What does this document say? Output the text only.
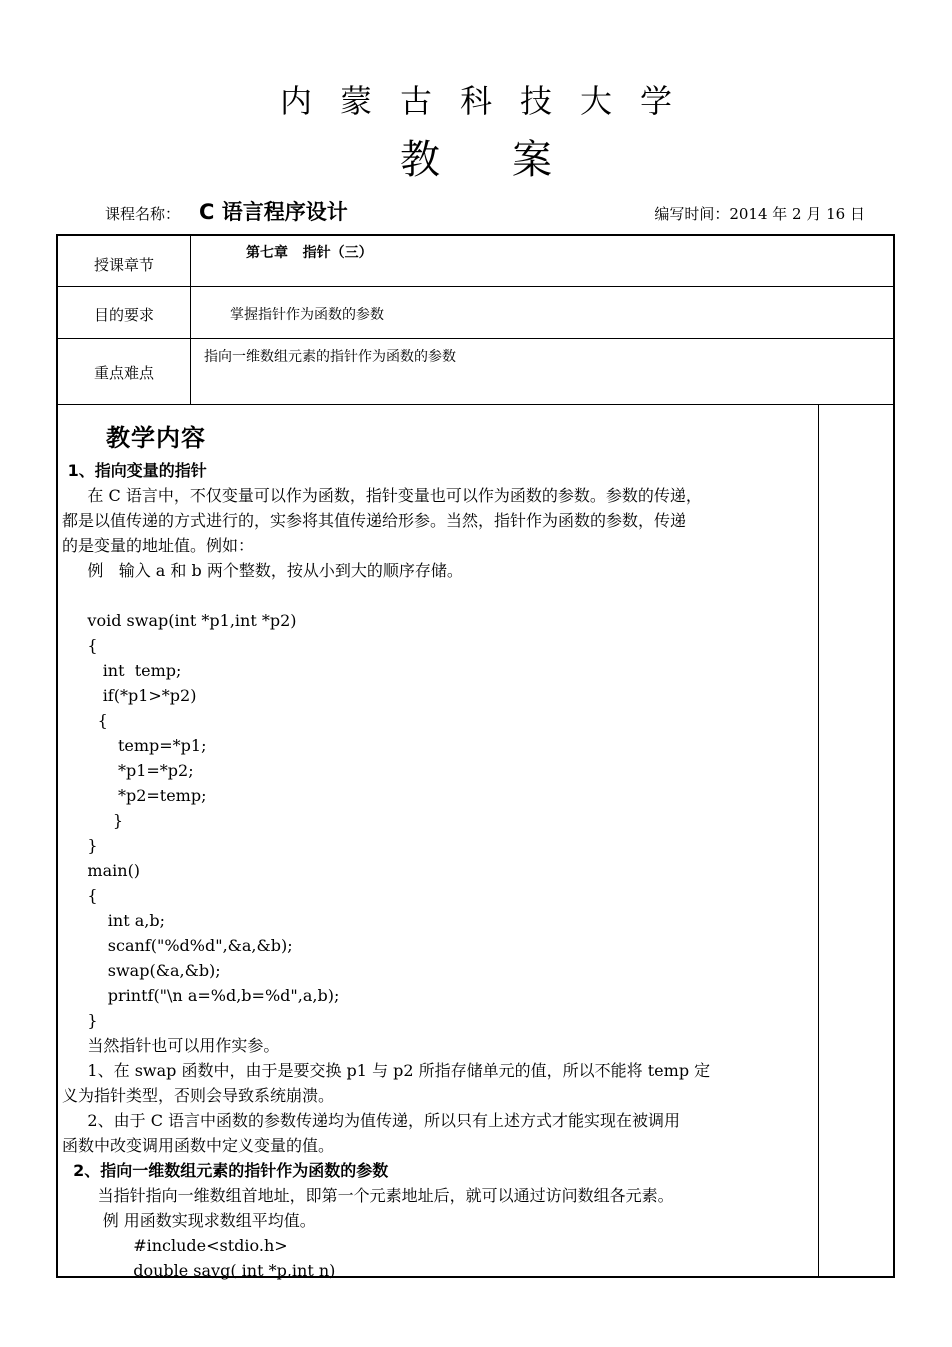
内蒙古科技大学
教案
课程名称： C 语言程序设计	编写时间：2014 年 2 月 16 日
授课章节
第七章   指针（三）
目的要求	掌握指针作为函数的参数
重点难点
指向一维数组元素的指针作为函数的参数
教学内容
1、指向变量的指针
在 C 语言中，不仅变量可以作为函数，指针变量也可以作为函数的参数。参数的传递，
都是以值传递的方式进行的，实参将其值传递给形参。当然，指针作为函数的参数，传递
的是变量的地址值。例如：
例   输入 a 和 b 两个整数，按从小到大的顺序存储。
void swap(int *p1,int *p2)
{
int  temp;
if(*p1>*p2)
{
temp=*p1;
*p1=*p2;
*p2=temp;
}
}
main()
{
int a,b;
scanf("%d%d",&a,&b);
swap(&a,&b);
printf("\n a=%d,b=%d",a,b);
}
当然指针也可以用作实参。
1、在 swap 函数中，由于是要交换 p1 与 p2 所指存储单元的值，所以不能将 temp 定
义为指针类型，否则会导致系统崩溃。
2、由于 C 语言中函数的参数传递均为值传递，所以只有上述方式才能实现在被调用
函数中改变调用函数中定义变量的值。
2、指向一维数组元素的指针作为函数的参数
当指针指向一维数组首地址，即第一个元素地址后，就可以通过访问数组各元素。
例 用函数实现求数组平均值。
#include<stdio.h>
double savg( int *p,int n)
